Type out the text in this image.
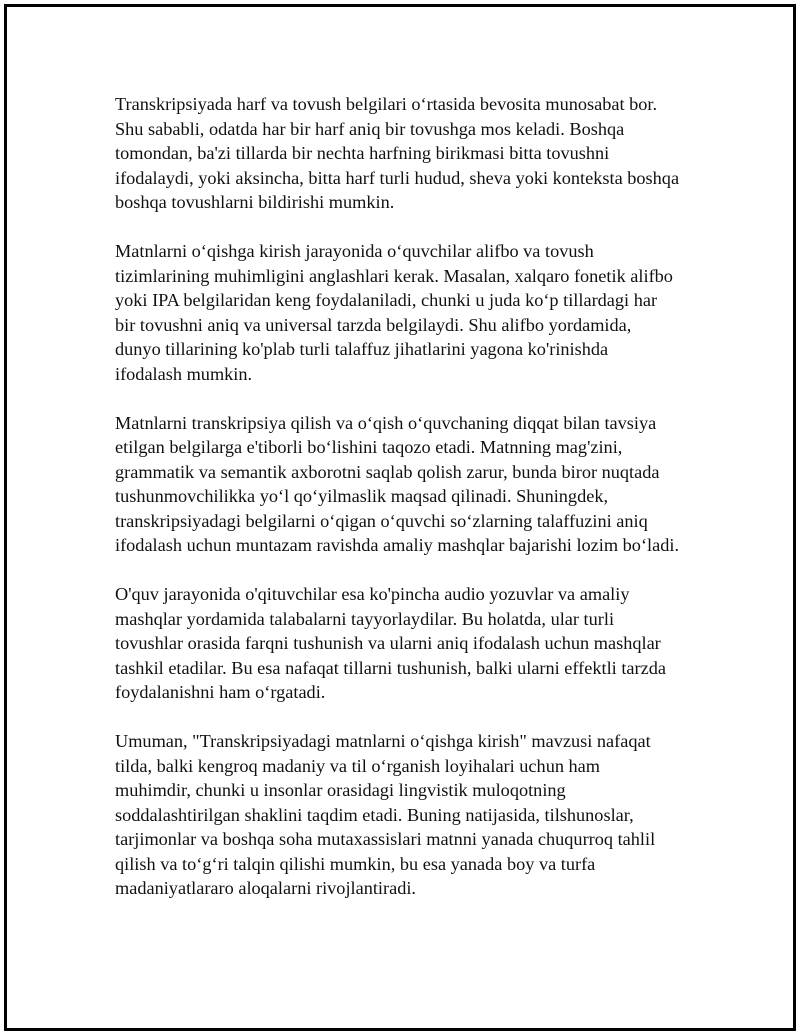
Transkripsiyada harf va tovush belgilari o‘rtasida bevosita munosabat bor.
Shu sababli, odatda har bir harf aniq bir tovushga mos keladi. Boshqa
tomondan, ba'zi tillarda bir nechta harfning birikmasi bitta tovushni
ifodalaydi, yoki aksincha, bitta harf turli hudud, sheva yoki konteksta boshqa
boshqa tovushlarni bildirishi mumkin.

Matnlarni o‘qishga kirish jarayonida o‘quvchilar alifbo va tovush
tizimlarining muhimligini anglashlari kerak. Masalan, xalqaro fonetik alifbo
yoki IPA belgilaridan keng foydalaniladi, chunki u juda ko‘p tillardagi har
bir tovushni aniq va universal tarzda belgilaydi. Shu alifbo yordamida,
dunyo tillarining ko'plab turli talaffuz jihatlarini yagona ko'rinishda
ifodalash mumkin.

Matnlarni transkripsiya qilish va o‘qish o‘quvchaning diqqat bilan tavsiya
etilgan belgilarga e'tiborli bo‘lishini taqozo etadi. Matnning mag'zini,
grammatik va semantik axborotni saqlab qolish zarur, bunda biror nuqtada
tushunmovchilikka yo‘l qo‘yilmaslik maqsad qilinadi. Shuningdek,
transkripsiyadagi belgilarni o‘qigan o‘quvchi so‘zlarning talaffuzini aniq
ifodalash uchun muntazam ravishda amaliy mashqlar bajarishi lozim bo‘ladi.

O'quv jarayonida o'qituvchilar esa ko'pincha audio yozuvlar va amaliy
mashqlar yordamida talabalarni tayyorlaydilar. Bu holatda, ular turli
tovushlar orasida farqni tushunish va ularni aniq ifodalash uchun mashqlar
tashkil etadilar. Bu esa nafaqat tillarni tushunish, balki ularni effektli tarzda
foydalanishni ham o‘rgatadi.

Umuman, "Transkripsiyadagi matnlarni o‘qishga kirish" mavzusi nafaqat
tilda, balki kengroq madaniy va til o‘rganish loyihalari uchun ham
muhimdir, chunki u insonlar orasidagi lingvistik muloqotning
soddalashtirilgan shaklini taqdim etadi. Buning natijasida, tilshunoslar,
tarjimonlar va boshqa soha mutaxassislari matnni yanada chuqurroq tahlil
qilish va to‘g‘ri talqin qilishi mumkin, bu esa yanada boy va turfa
madaniyatlararo aloqalarni rivojlantiradi.
